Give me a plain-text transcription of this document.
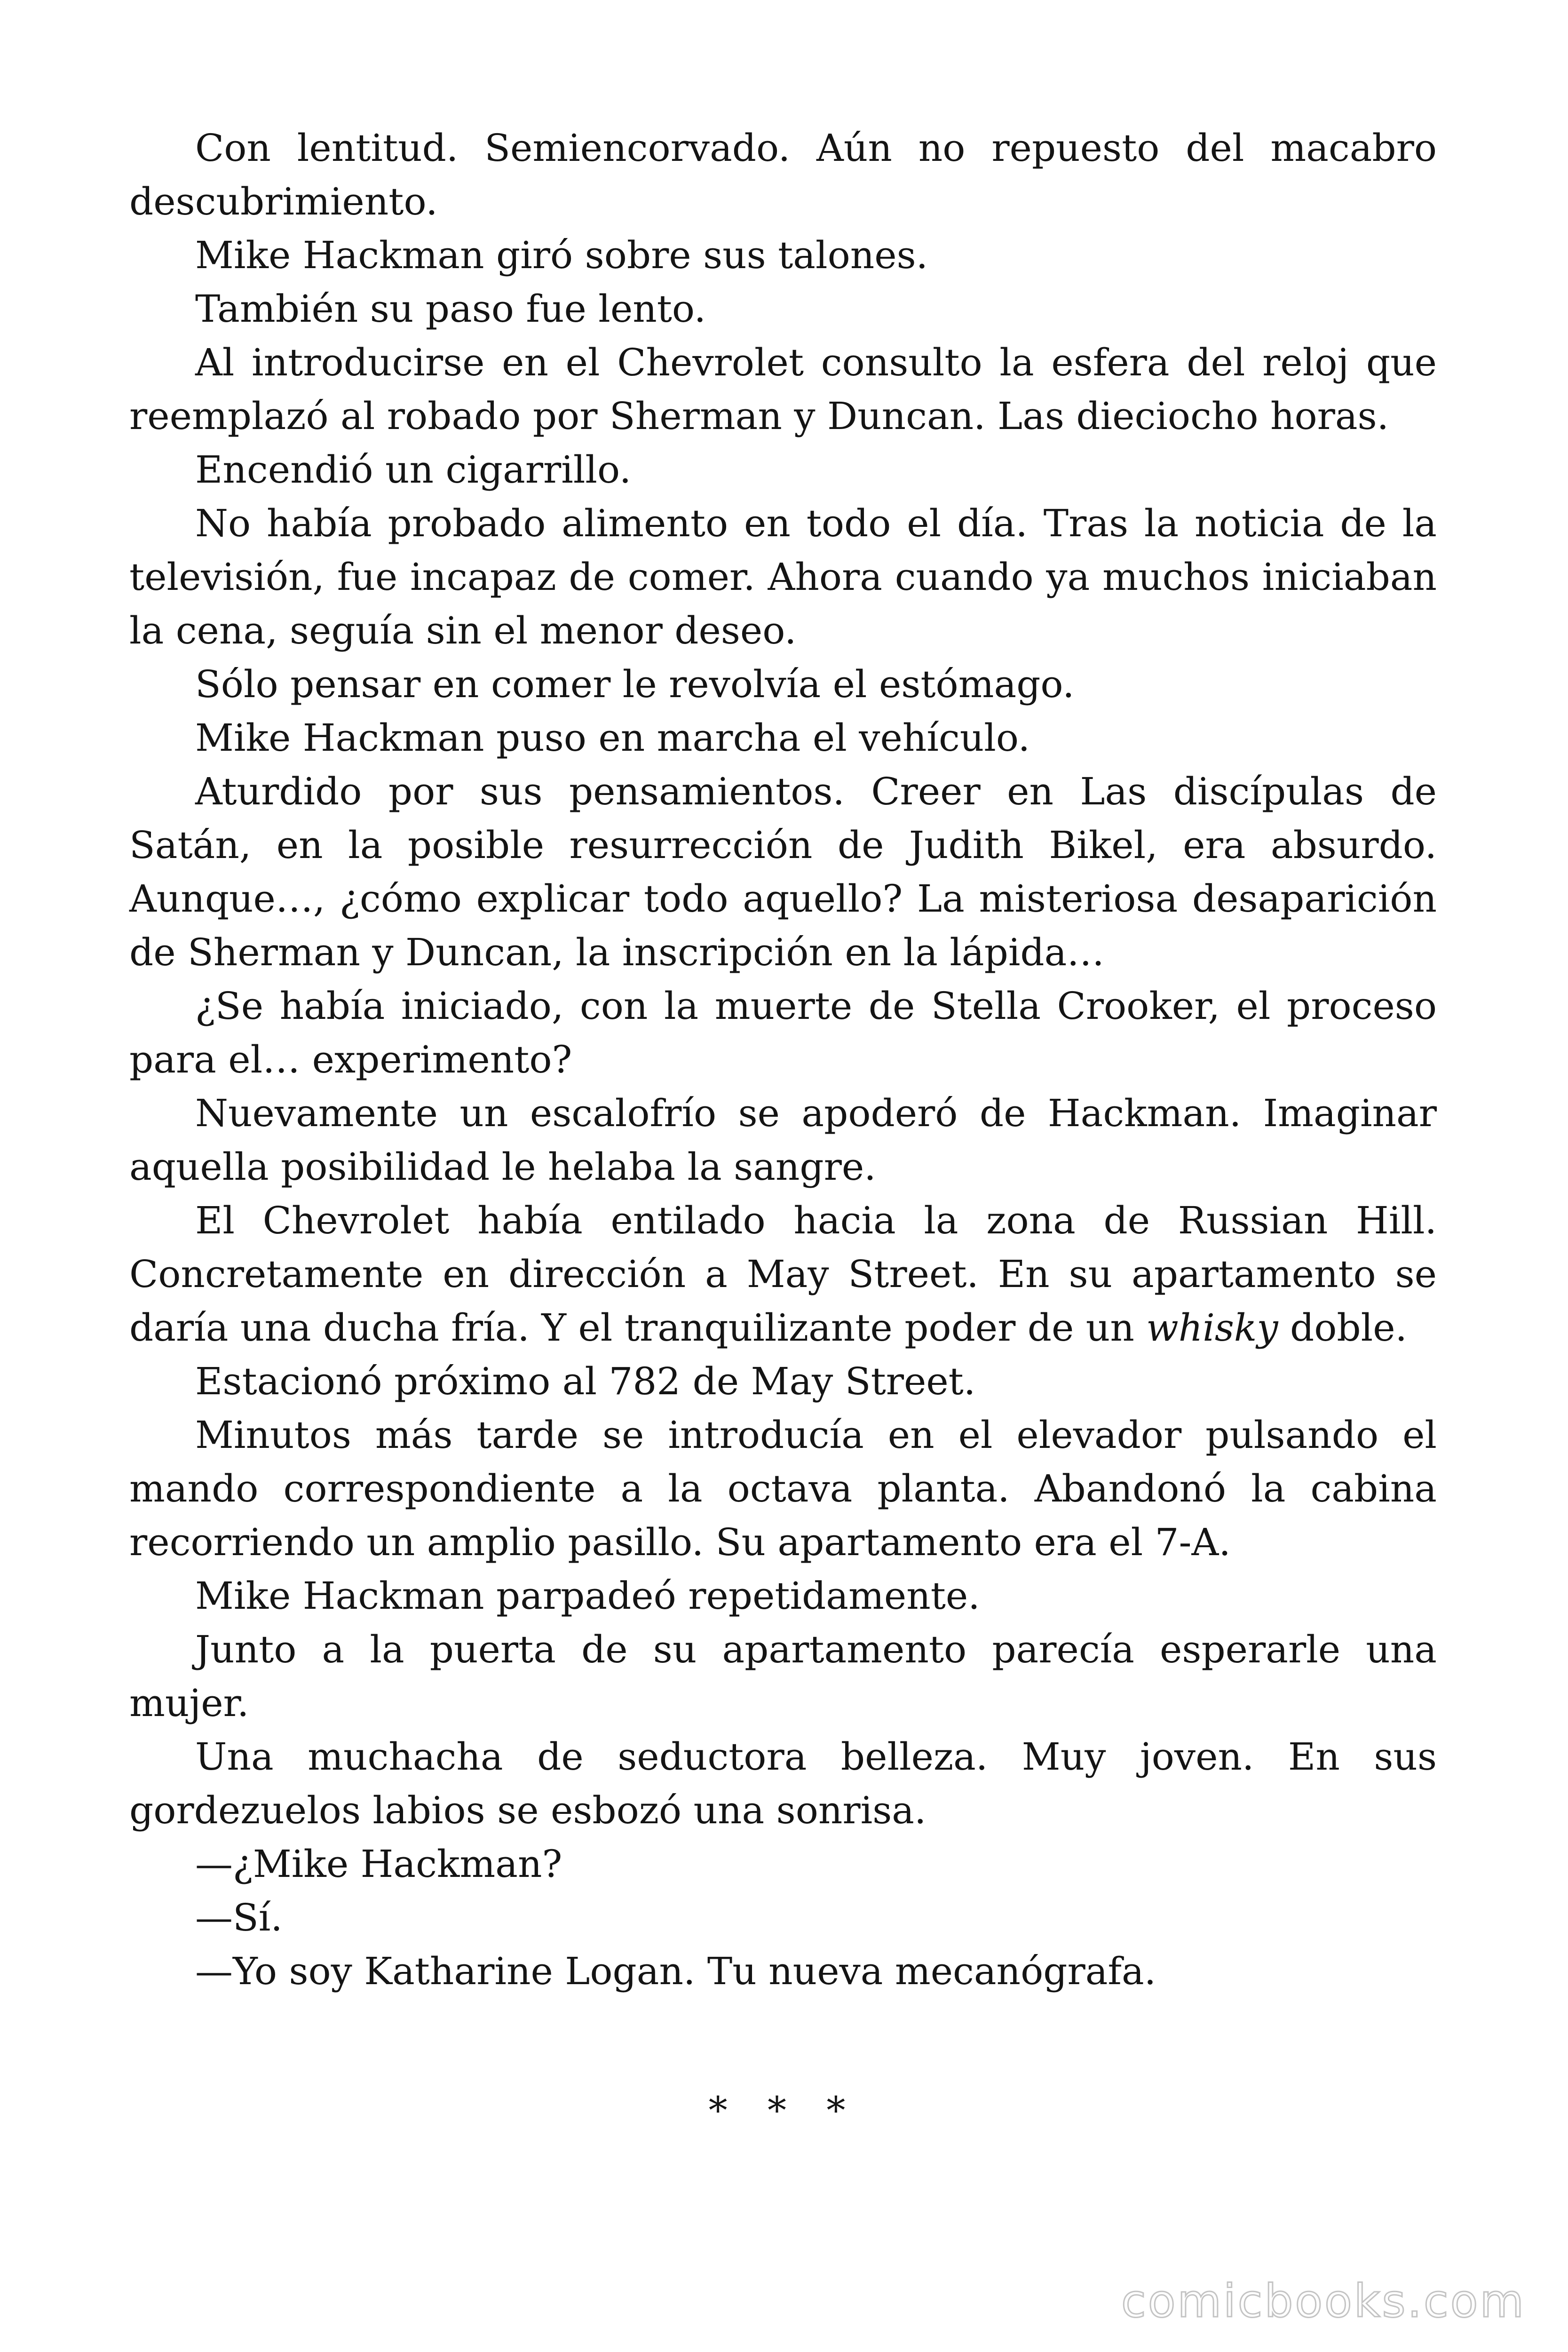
Con lentitud. Semiencorvado. Aún no repuesto del macabro descubrimiento.

Mike Hackman giró sobre sus talones.

También su paso fue lento.

Al introducirse en el Chevrolet consulto la esfera del reloj que reemplazó al robado por Sherman y Duncan. Las dieciocho horas.

Encendió un cigarrillo.

No había probado alimento en todo el día. Tras la noticia de la televisión, fue incapaz de comer. Ahora cuando ya muchos iniciaban la cena, seguía sin el menor deseo.

Sólo pensar en comer le revolvía el estómago.

Mike Hackman puso en marcha el vehículo.

Aturdido por sus pensamientos. Creer en Las discípulas de Satán, en la posible resurrección de Judith Bikel, era absurdo. Aunque…, ¿cómo explicar todo aquello? La misteriosa desaparición de Sherman y Duncan, la inscripción en la lápida…

¿Se había iniciado, con la muerte de Stella Crooker, el proceso para el… experimento?

Nuevamente un escalofrío se apoderó de Hackman. Imaginar aquella posibilidad le helaba la sangre.

El Chevrolet había entilado hacia la zona de Russian Hill. Concretamente en dirección a May Street. En su apartamento se daría una ducha fría. Y el tranquilizante poder de un whisky doble.

Estacionó próximo al 782 de May Street.

Minutos más tarde se introducía en el elevador pulsando el mando correspondiente a la octava planta. Abandonó la cabina recorriendo un amplio pasillo. Su apartamento era el 7-A.

Mike Hackman parpadeó repetidamente.

Junto a la puerta de su apartamento parecía esperarle una mujer.

Una muchacha de seductora belleza. Muy joven. En sus gordezuelos labios se esbozó una sonrisa.

—¿Mike Hackman?

—Sí.

—Yo soy Katharine Logan. Tu nueva mecanógrafa.

* * *
comicbooks.com
